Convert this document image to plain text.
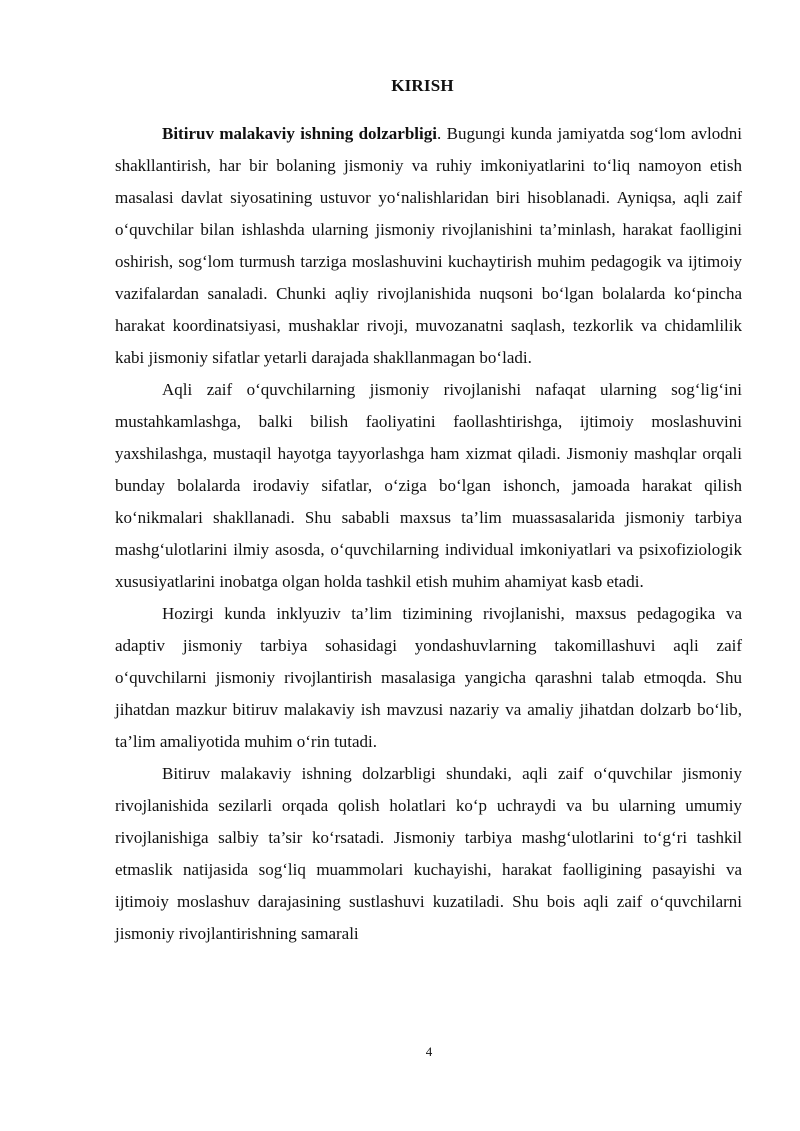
KIRISH

Bitiruv malakaviy ishning dolzarbligi. Bugungi kunda jamiyatda sog‘lom avlodni shakllantirish, har bir bolaning jismoniy va ruhiy imkoniyatlarini to‘liq namoyon etish masalasi davlat siyosatining ustuvor yo‘nalishlaridan biri hisoblanadi. Ayniqsa, aqli zaif o‘quvchilar bilan ishlashda ularning jismoniy rivojlanishini ta’minlash, harakat faolligini oshirish, sog‘lom turmush tarziga moslashuvini kuchaytirish muhim pedagogik va ijtimoiy vazifalardan sanaladi. Chunki aqliy rivojlanishida nuqsoni bo‘lgan bolalarda ko‘pincha harakat koordinatsiyasi, mushaklar rivoji, muvozanatni saqlash, tezkorlik va chidamlilik kabi jismoniy sifatlar yetarli darajada shakllanmagan bo‘ladi.

Aqli zaif o‘quvchilarning jismoniy rivojlanishi nafaqat ularning sog‘lig‘ini mustahkamlashga, balki bilish faoliyatini faollashtirishga, ijtimoiy moslashuvini yaxshilashga, mustaqil hayotga tayyorlashga ham xizmat qiladi. Jismoniy mashqlar orqali bunday bolalarda irodaviy sifatlar, o‘ziga bo‘lgan ishonch, jamoada harakat qilish ko‘nikmalari shakllanadi. Shu sababli maxsus ta’lim muassasalarida jismoniy tarbiya mashg‘ulotlarini ilmiy asosda, o‘quvchilarning individual imkoniyatlari va psixofiziologik xususiyatlarini inobatga olgan holda tashkil etish muhim ahamiyat kasb etadi.

Hozirgi kunda inklyuziv ta’lim tizimining rivojlanishi, maxsus pedagogika va adaptiv jismoniy tarbiya sohasidagi yondashuvlarning takomillashuvi aqli zaif o‘quvchilarni jismoniy rivojlantirish masalasiga yangicha qarashni talab etmoqda. Shu jihatdan mazkur bitiruv malakaviy ish mavzusi nazariy va amaliy jihatdan dolzarb bo‘lib, ta’lim amaliyotida muhim o‘rin tutadi.

Bitiruv malakaviy ishning dolzarbligi shundaki, aqli zaif o‘quvchilar jismoniy rivojlanishida sezilarli orqada qolish holatlari ko‘p uchraydi va bu ularning umumiy rivojlanishiga salbiy ta’sir ko‘rsatadi. Jismoniy tarbiya mashg‘ulotlarini to‘g‘ri tashkil etmaslik natijasida sog‘liq muammolari kuchayishi, harakat faolligining pasayishi va ijtimoiy moslashuv darajasining sustlashuvi kuzatiladi. Shu bois aqli zaif o‘quvchilarni jismoniy rivojlantirishning samarali

4
